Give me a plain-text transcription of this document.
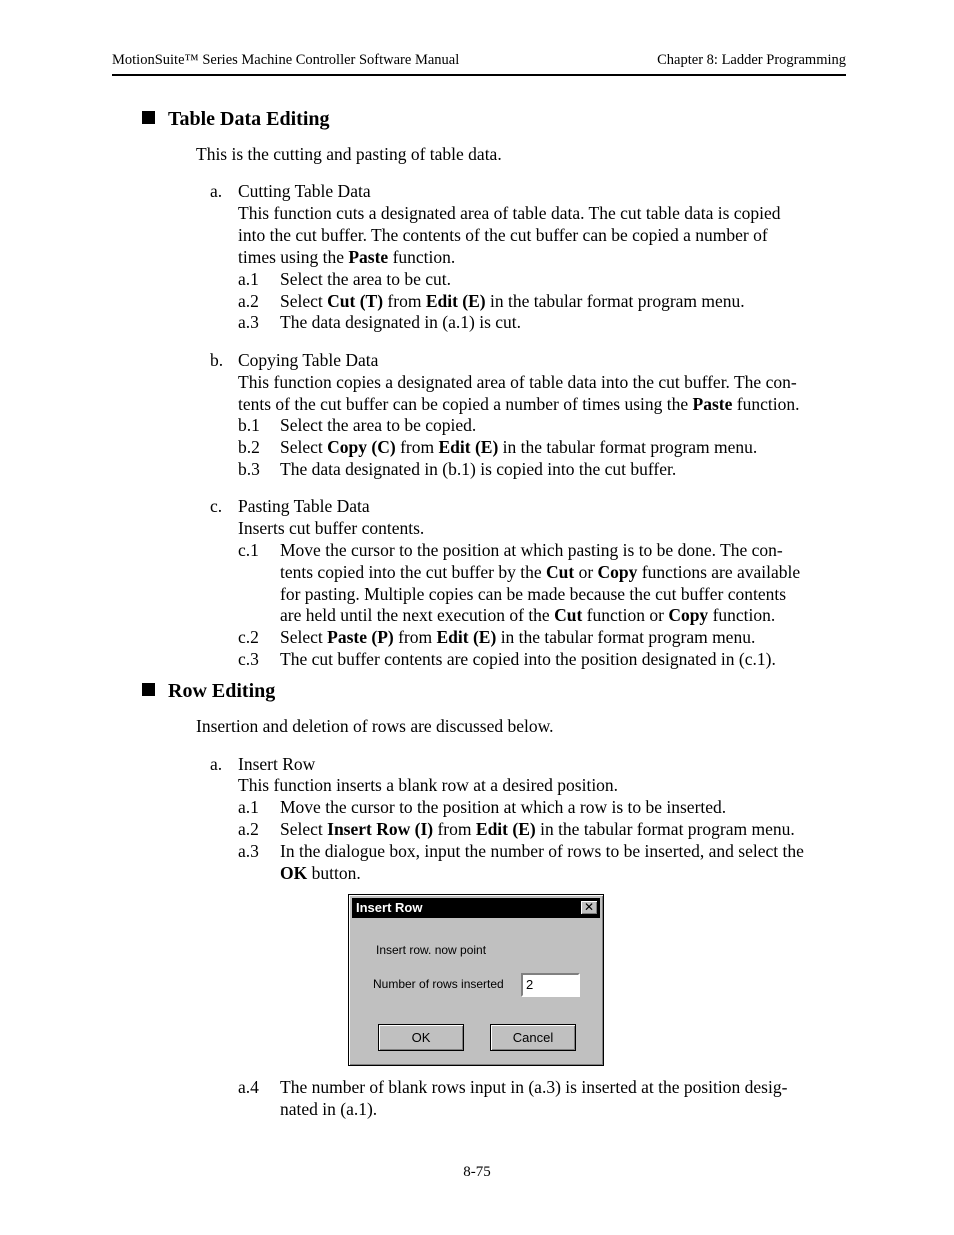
MotionSuite™ Series Machine Controller Software Manual	Chapter 8: Ladder Programming
Table Data Editing
This is the cutting and pasting of table data.
a. Cutting Table Data
This function cuts a designated area of table data. The cut table data is copied
into the cut buffer. The contents of the cut buffer can be copied a number of
times using the Paste function.
a.1 Select the area to be cut.
a.2 Select Cut (T) from Edit (E) in the tabular format program menu.
a.3 The data designated in (a.1) is cut.
b. Copying Table Data
This function copies a designated area of table data into the cut buffer. The con-
tents of the cut buffer can be copied a number of times using the Paste function.
b.1 Select the area to be copied.
b.2 Select Copy (C) from Edit (E) in the tabular format program menu.
b.3 The data designated in (b.1) is copied into the cut buffer.
c. Pasting Table Data
Inserts cut buffer contents.
c.1 Move the cursor to the position at which pasting is to be done. The con-
tents copied into the cut buffer by the Cut or Copy functions are available
for pasting. Multiple copies can be made because the cut buffer contents
are held until the next execution of the Cut function or Copy function.
c.2 Select Paste (P) from Edit (E) in the tabular format program menu.
c.3 The cut buffer contents are copied into the position designated in (c.1).
Row Editing
Insertion and deletion of rows are discussed below.
a. Insert Row
This function inserts a blank row at a desired position.
a.1 Move the cursor to the position at which a row is to be inserted.
a.2 Select Insert Row (I) from Edit (E) in the tabular format program menu.
a.3 In the dialogue box, input the number of rows to be inserted, and select the
OK button.
Insert Row	✕
Insert row. now point
Number of rows inserted	2
OK	Cancel
a.4 The number of blank rows input in (a.3) is inserted at the position desig-
nated in (a.1).
8-75
